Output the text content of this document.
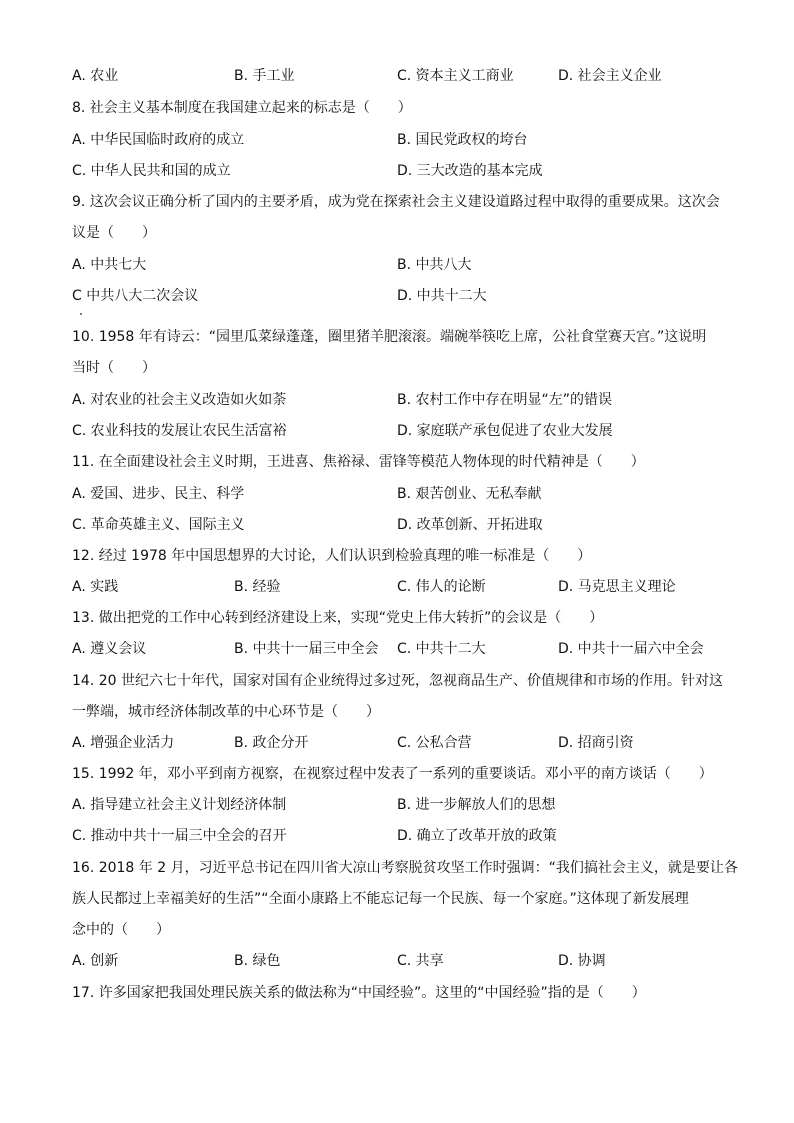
A. 农业	B. 手工业	C. 资本主义工商业	D. 社会主义企业
8. 社会主义基本制度在我国建立起来的标志是（　　）
A. 中华民国临时政府的成立	B. 国民党政权的垮台
C. 中华人民共和国的成立	D. 三大改造的基本完成
9. 这次会议正确分析了国内的主要矛盾，成为党在探索社会主义建设道路过程中取得的重要成果。这次会
议是（　　）
A. 中共七大	B. 中共八大
C 中共八大二次会议	D. 中共十二大
10. 1958 年有诗云：“园里瓜菜绿蓬蓬，圈里猪羊肥滚滚。端碗举筷吃上席，公社食堂赛天宫。”这说明
当时（　　）
A. 对农业的社会主义改造如火如荼	B. 农村工作中存在明显“左”的错误
C. 农业科技的发展让农民生活富裕	D. 家庭联产承包促进了农业大发展
11. 在全面建设社会主义时期，王进喜、焦裕禄、雷锋等模范人物体现的时代精神是（　　）
A. 爱国、进步、民主、科学	B. 艰苦创业、无私奉献
C. 革命英雄主义、国际主义	D. 改革创新、开拓进取
12. 经过 1978 年中国思想界的大讨论，人们认识到检验真理的唯一标准是（　　）
A. 实践	B. 经验	C. 伟人的论断	D. 马克思主义理论
13. 做出把党的工作中心转到经济建设上来，实现“党史上伟大转折”的会议是（　　）
A. 遵义会议	B. 中共十一届三中全会 C. 中共十二大	D. 中共十一届六中全会
14. 20 世纪六七十年代，国家对国有企业统得过多过死，忽视商品生产、价值规律和市场的作用。针对这
一弊端，城市经济体制改革的中心环节是（　　）
A. 增强企业活力	B. 政企分开	C. 公私合营	D. 招商引资
15. 1992 年，邓小平到南方视察，在视察过程中发表了一系列的重要谈话。邓小平的南方谈话（　　）
A. 指导建立社会主义计划经济体制	B. 进一步解放人们的思想
C. 推动中共十一届三中全会的召开	D. 确立了改革开放的政策
16. 2018 年 2 月，习近平总书记在四川省大凉山考察脱贫攻坚工作时强调：“我们搞社会主义，就是要让各
族人民都过上幸福美好的生活”“全面小康路上不能忘记每一个民族、每一个家庭。”这体现了新发展理
念中的（　　）
A. 创新	B. 绿色	C. 共享	D. 协调
17. 许多国家把我国处理民族关系的做法称为“中国经验”。这里的“中国经验”指的是（　　）
